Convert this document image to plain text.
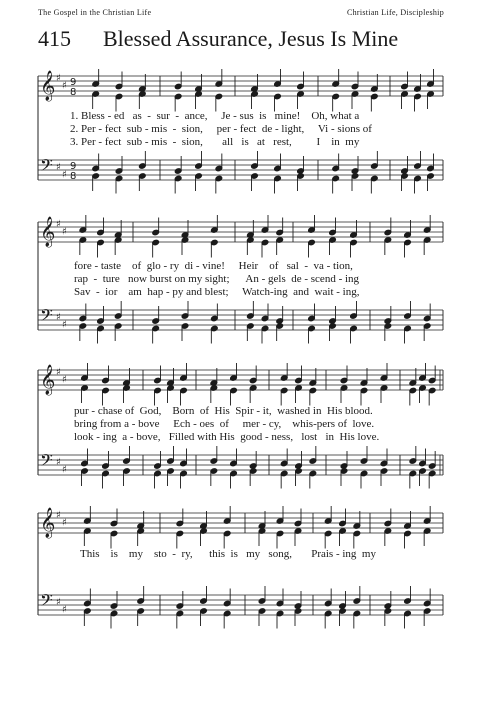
The Gospel in the Christian Life	Christian Life, Discipleship
415 Blessed Assurance, Jesus Is Mine
𝄞
𝄢
♯
♯
♯
♯
9
8
9
8
𝄞
𝄢
♯
♯
♯
♯
𝄞
𝄢
♯
♯
♯
♯
𝄞
𝄢
♯
♯
♯
♯
1. Bless - ed   as  -  sur  -  ance,     Je - sus  is   mine!    Oh, what a
2. Per - fect  sub - mis  -  sion,     per - fect  de - light,     Vi - sions of
3. Per - fect  sub - mis  -  sion,       all   is   at   rest,         I    in  my
fore - taste    of  glo - ry  di - vine!     Heir    of   sal  -  va - tion,
rap  -  ture   now burst on my sight;      An - gels  de - scend - ing
Sav  -  ior    am  hap - py and blest;     Watch-ing  and  wait - ing,
pur - chase of  God,    Born  of  His  Spir - it,  washed in  His blood.
bring from a - bove     Ech - oes  of     mer - cy,    whis-pers of  love.
look - ing  a - bove,   Filled with His  good - ness,   lost   in  His love.
This    is    my    sto  -  ry,      this  is   my   song,       Prais - ing  my
